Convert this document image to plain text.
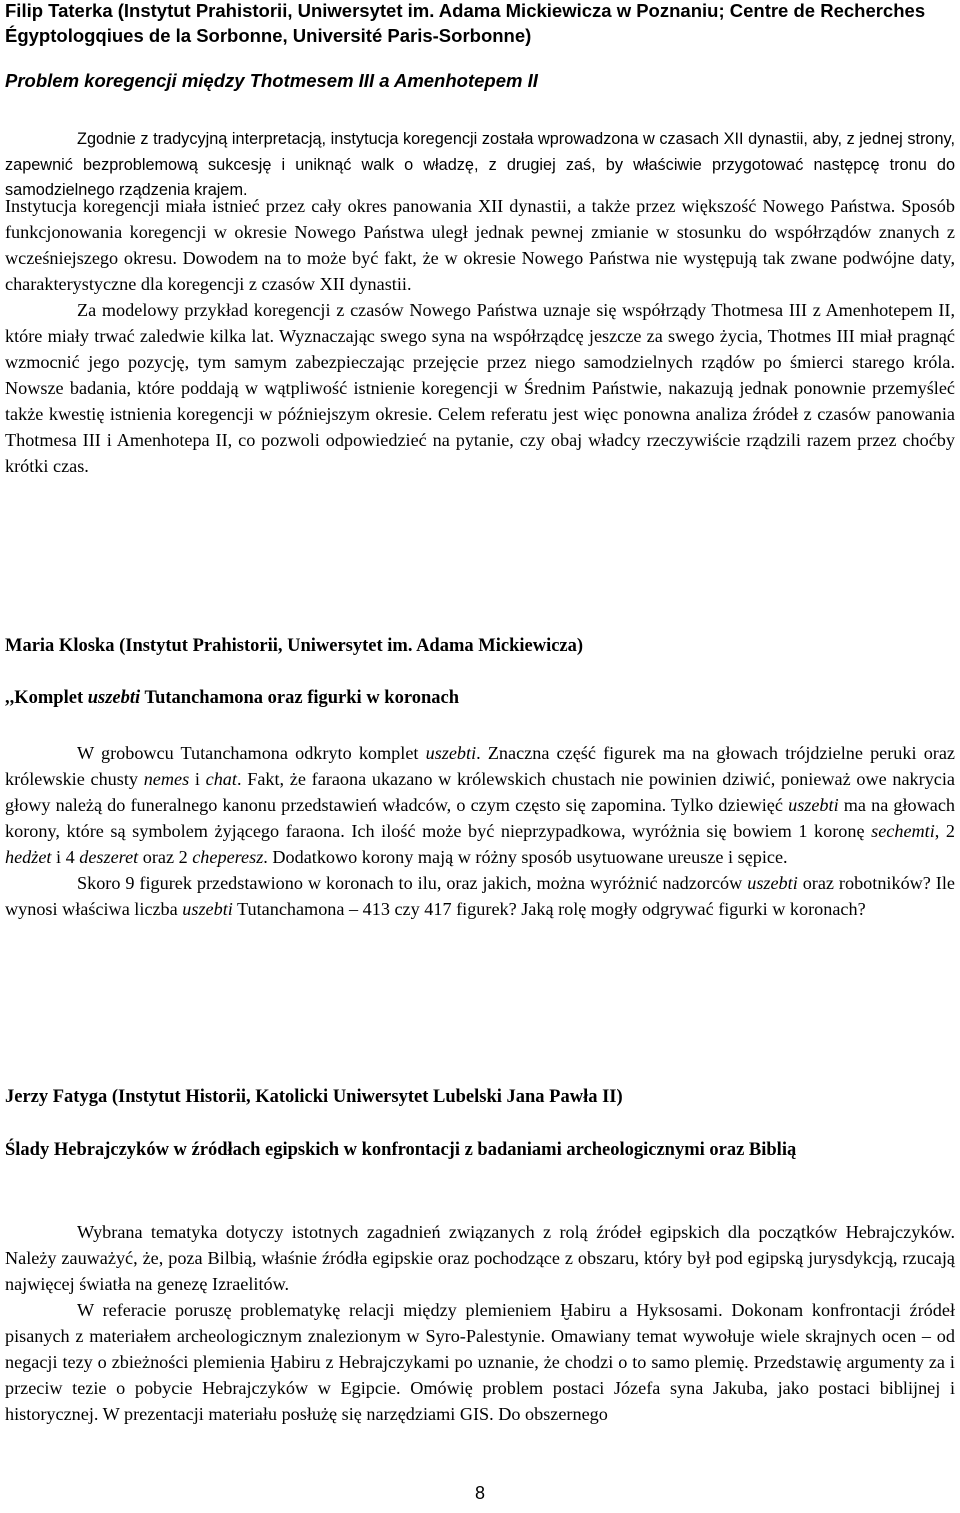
Filip Taterka (Instytut Prahistorii, Uniwersytet im. Adama Mickiewicza w Poznaniu; Centre de Recherches Égyptologqiues de la Sorbonne, Université Paris-Sorbonne)
Problem koregencji między Thotmesem III a Amenhotepem II

Zgodnie z tradycyjną interpretacją, instytucja koregencji została wprowadzona w czasach XII dynastii, aby, z jednej strony, zapewnić bezproblemową sukcesję i uniknąć walk o władzę, z drugiej zaś, by właściwie przygotować następcę tronu do samodzielnego rządzenia krajem.

Instytucja koregencji miała istnieć przez cały okres panowania XII dynastii, a także przez większość Nowego Państwa. Sposób funkcjonowania koregencji w okresie Nowego Państwa uległ jednak pewnej zmianie w stosunku do współrządów znanych z wcześniejszego okresu. Dowodem na to może być fakt, że w okresie Nowego Państwa nie występują tak zwane podwójne daty, charakterystyczne dla koregencji z czasów XII dynastii.

Za modelowy przykład koregencji z czasów Nowego Państwa uznaje się współrządy Thotmesa III z Amenhotepem II, które miały trwać zaledwie kilka lat. Wyznaczając swego syna na współrządcę jeszcze za swego życia, Thotmes III miał pragnąć wzmocnić jego pozycję, tym samym zabezpieczając przejęcie przez niego samodzielnych rządów po śmierci starego króla. Nowsze badania, które poddają w wątpliwość istnienie koregencji w Średnim Państwie, nakazują jednak ponownie przemyśleć także kwestię istnienia koregencji w późniejszym okresie. Celem referatu jest więc ponowna analiza źródeł z czasów panowania Thotmesa III i Amenhotepa II, co pozwoli odpowiedzieć na pytanie, czy obaj władcy rzeczywiście rządzili razem przez choćby krótki czas.

Maria Kloska (Instytut Prahistorii, Uniwersytet im. Adama Mickiewicza)
,,Komplet uszebti Tutanchamona oraz figurki w koronach

W grobowcu Tutanchamona odkryto komplet uszebti. Znaczna część figurek ma na głowach trójdzielne peruki oraz królewskie chusty nemes i chat. Fakt, że faraona ukazano w królewskich chustach nie powinien dziwić, ponieważ owe nakrycia głowy należą do funeralnego kanonu przedstawień władców, o czym często się zapomina. Tylko dziewięć uszebti ma na głowach korony, które są symbolem żyjącego faraona. Ich ilość może być nieprzypadkowa, wyróżnia się bowiem 1 koronę sechemti, 2 hedżet i 4 deszeret oraz 2 cheperesz. Dodatkowo korony mają w różny sposób usytuowane ureusze i sępice.

Skoro 9 figurek przedstawiono w koronach to ilu, oraz jakich, można wyróżnić nadzorców uszebti oraz robotników? Ile wynosi właściwa liczba uszebti Tutanchamona – 413 czy 417 figurek? Jaką rolę mogły odgrywać figurki w koronach?

Jerzy Fatyga (Instytut Historii, Katolicki Uniwersytet Lubelski Jana Pawła II)
Ślady Hebrajczyków w źródłach egipskich w konfrontacji z badaniami archeologicznymi oraz Biblią

Wybrana tematyka dotyczy istotnych zagadnień związanych z rolą źródeł egipskich dla początków Hebrajczyków. Należy zauważyć, że, poza Bilbią, właśnie źródła egipskie oraz pochodzące z obszaru, który był pod egipską jurysdykcją, rzucają najwięcej światła na genezę Izraelitów.

W referacie poruszę problematykę relacji między plemieniem Ḫabiru a Hyksosami. Dokonam konfrontacji źródeł pisanych z materiałem archeologicznym znalezionym w Syro-Palestynie. Omawiany temat wywołuje wiele skrajnych ocen – od negacji tezy o zbieżności plemienia Ḫabiru z Hebrajczykami po uznanie, że chodzi o to samo plemię. Przedstawię argumenty za i przeciw tezie o pobycie Hebrajczyków w Egipcie. Omówię problem postaci Józefa syna Jakuba, jako postaci biblijnej i historycznej. W prezentacji materiału posłużę się narzędziami GIS. Do obszernego

8
